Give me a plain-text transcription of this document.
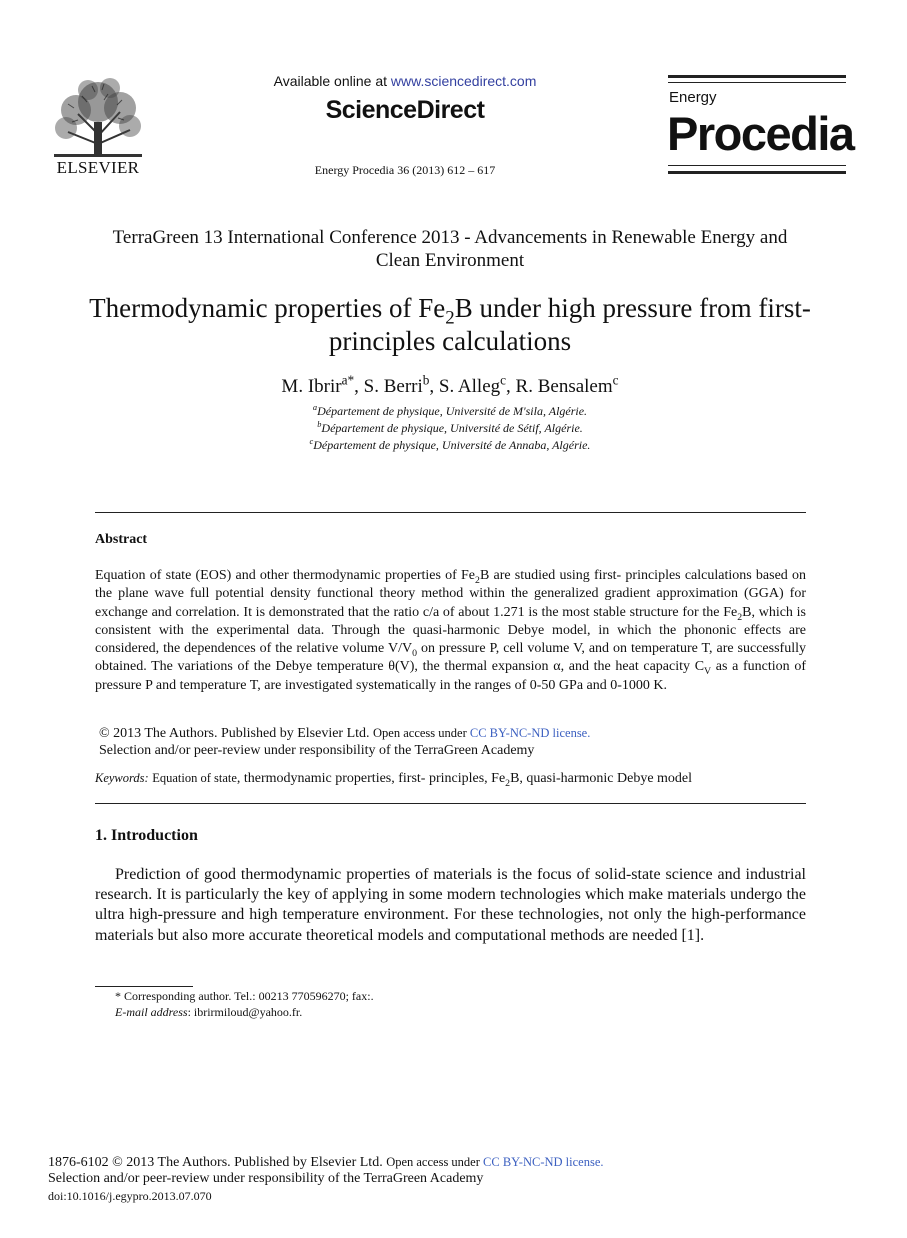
ELSEVIER
Available online at www.sciencedirect.com
ScienceDirect
Energy Procedia 36 (2013) 612 – 617
Energy
Procedia
TerraGreen 13 International Conference 2013 - Advancements in Renewable Energy and Clean Environment
Thermodynamic properties of $Fe_2B$ under high pressure from first-principles calculations
M. Ibrir$^{a*}$, S. Berri$^b$, S. Alleg$^c$, R. Bensalem$^c$
$^a$Département de physique, Université de M'sila, Algérie.
$^b$Département de physique, Université de Sétif, Algérie.
$^c$Département de physique, Université de Annaba, Algérie.
Abstract
Equation of state (EOS) and other thermodynamic properties of $Fe_2B$ are studied using first- principles calculations based on the plane wave full potential density functional theory method within the generalized gradient approximation (GGA) for exchange and correlation. It is demonstrated that the ratio c/a of about 1.271 is the most stable structure for the $Fe_2B$, which is consistent with the experimental data. Through the quasi-harmonic Debye model, in which the phononic effects are considered, the dependences of the relative volume $V/V_0$ on pressure P, cell volume V, and on temperature T, are successfully obtained. The variations of the Debye temperature θ(V), the thermal expansion α, and the heat capacity $C_V$ as a function of pressure P and temperature T, are investigated systematically in the ranges of 0-50 GPa and 0-1000 K.
© 2013 The Authors. Published by Elsevier Ltd. Open access under CC BY-NC-ND license.
Selection and/or peer-review under responsibility of the TerraGreen Academy
Keywords: Equation of state, thermodynamic properties, first- principles, $Fe_2B$, quasi-harmonic Debye model
1. Introduction
Prediction of good thermodynamic properties of materials is the focus of solid-state science and industrial research. It is particularly the key of applying in some modern technologies which make materials undergo the ultra high-pressure and high temperature environment. For these technologies, not only the high-performance materials but also more accurate theoretical models and computational methods are needed [1].
* Corresponding author. Tel.: 00213 770596270; fax:.
E-mail address: ibrirmiloud@yahoo.fr.
1876-6102 © 2013 The Authors. Published by Elsevier Ltd. Open access under CC BY-NC-ND license.
Selection and/or peer-review under responsibility of the TerraGreen Academy
doi:10.1016/j.egypro.2013.07.070
